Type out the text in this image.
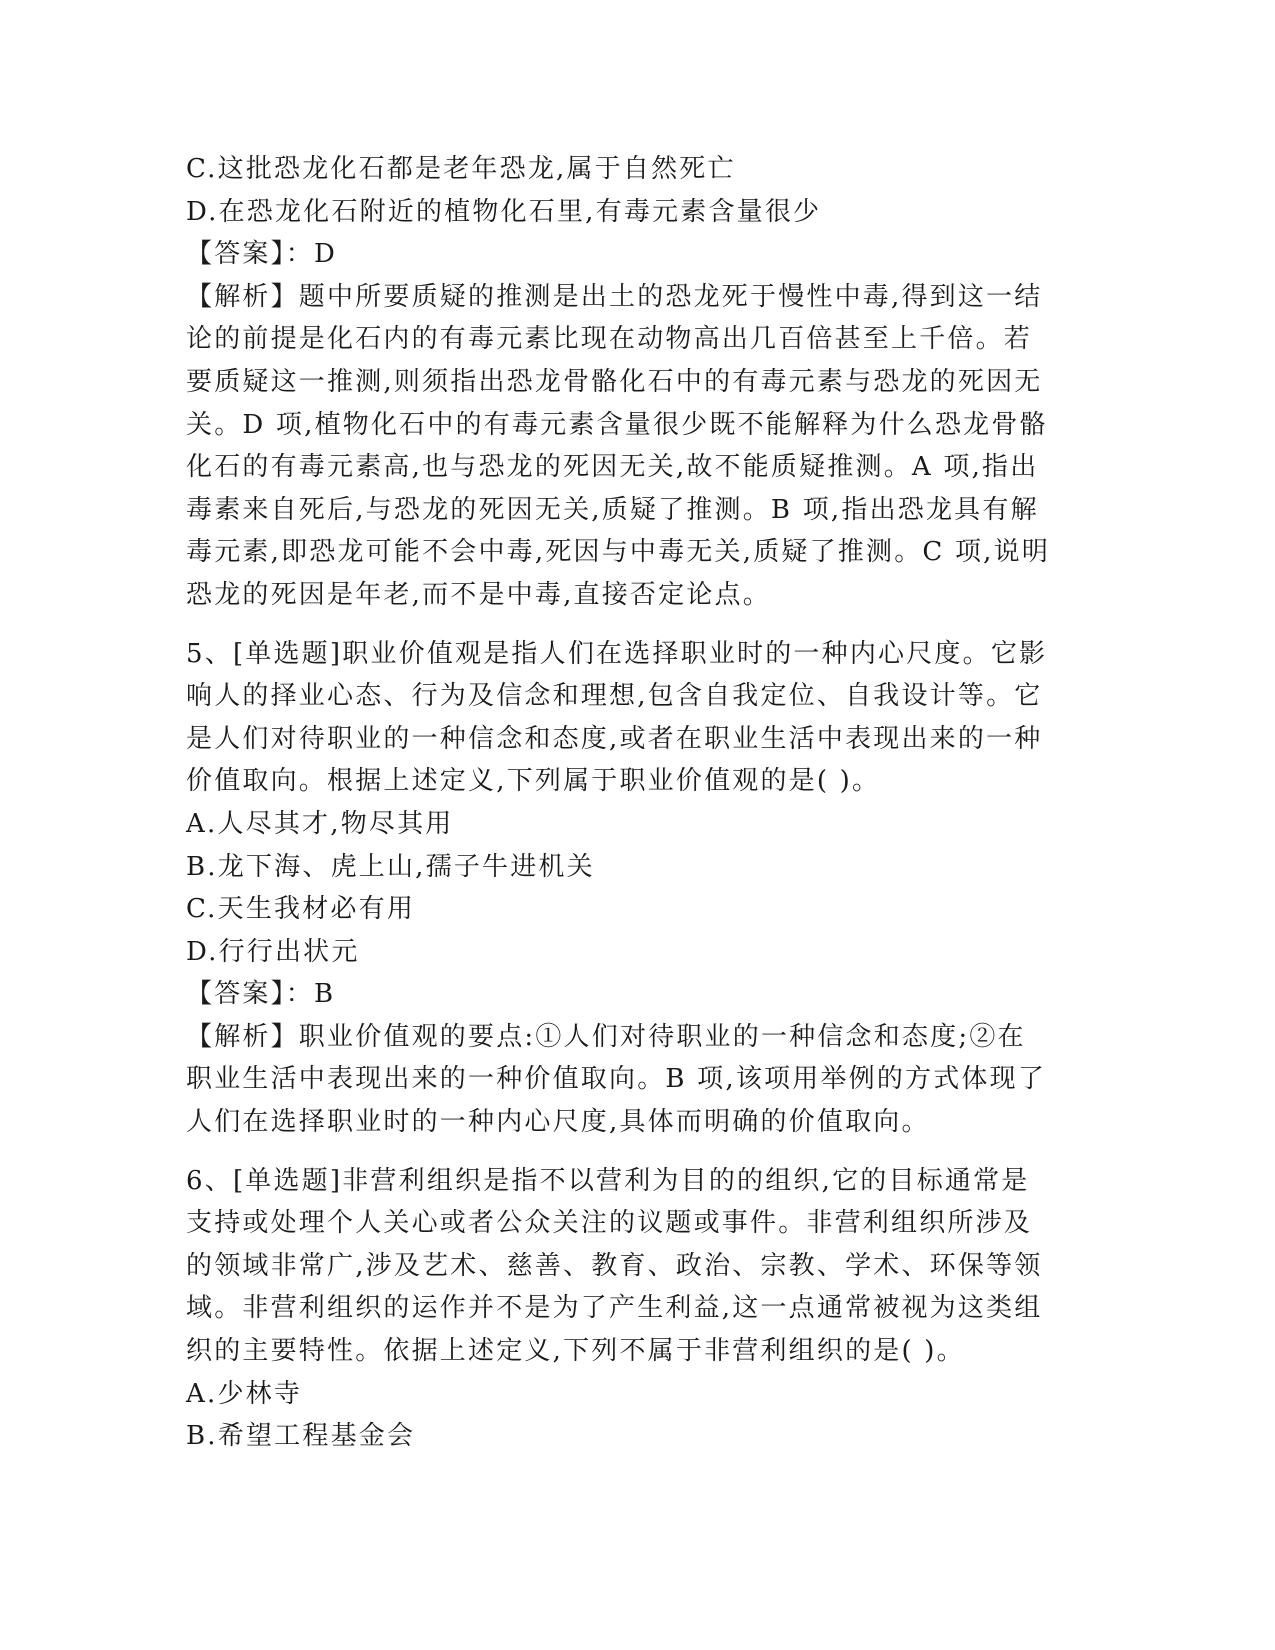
C.这批恐龙化石都是老年恐龙,属于自然死亡
D.在恐龙化石附近的植物化石里,有毒元素含量很少
【答案】：D
【解析】题中所要质疑的推测是出土的恐龙死于慢性中毒,得到这一结
论的前提是化石内的有毒元素比现在动物高出几百倍甚至上千倍。若
要质疑这一推测,则须指出恐龙骨骼化石中的有毒元素与恐龙的死因无
关。D 项,植物化石中的有毒元素含量很少既不能解释为什么恐龙骨骼
化石的有毒元素高,也与恐龙的死因无关,故不能质疑推测。A 项,指出
毒素来自死后,与恐龙的死因无关,质疑了推测。B 项,指出恐龙具有解
毒元素,即恐龙可能不会中毒,死因与中毒无关,质疑了推测。C 项,说明
恐龙的死因是年老,而不是中毒,直接否定论点。
5、[单选题]职业价值观是指人们在选择职业时的一种内心尺度。它影
响人的择业心态、行为及信念和理想,包含自我定位、自我设计等。它
是人们对待职业的一种信念和态度,或者在职业生活中表现出来的一种
价值取向。根据上述定义,下列属于职业价值观的是( )。
A.人尽其才,物尽其用
B.龙下海、虎上山,孺子牛进机关
C.天生我材必有用
D.行行出状元
【答案】：B
【解析】职业价值观的要点:①人们对待职业的一种信念和态度;②在
职业生活中表现出来的一种价值取向。B 项,该项用举例的方式体现了
人们在选择职业时的一种内心尺度,具体而明确的价值取向。
6、[单选题]非营利组织是指不以营利为目的的组织,它的目标通常是
支持或处理个人关心或者公众关注的议题或事件。非营利组织所涉及
的领域非常广,涉及艺术、慈善、教育、政治、宗教、学术、环保等领
域。非营利组织的运作并不是为了产生利益,这一点通常被视为这类组
织的主要特性。依据上述定义,下列不属于非营利组织的是( )。
A.少林寺
B.希望工程基金会
